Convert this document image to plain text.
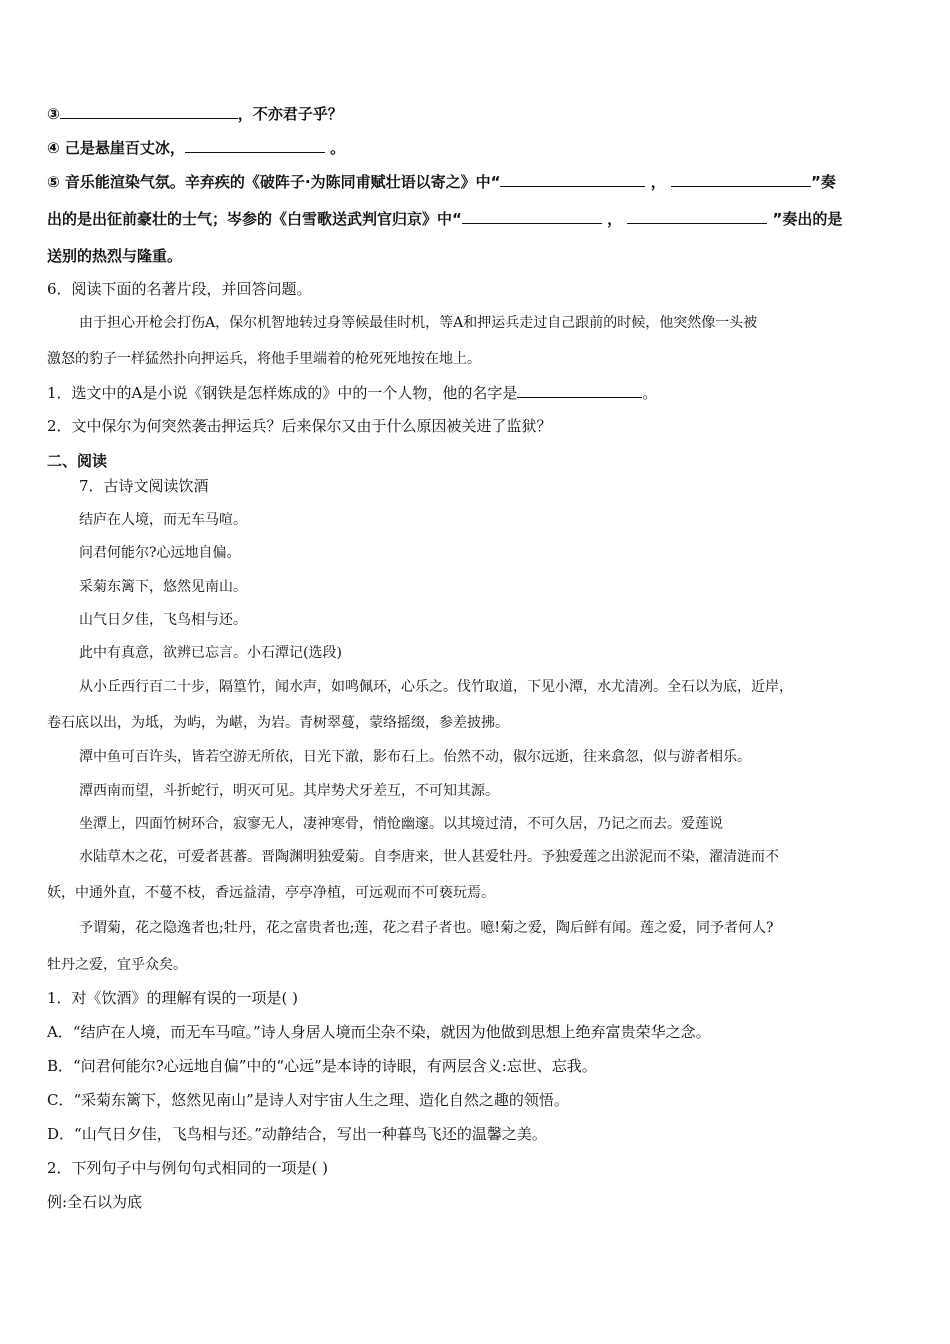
③	，不亦君子乎？
④ 己是悬崖百丈冰，	。
⑤ 音乐能渲染气氛。辛弃疾的《破阵子·为陈同甫赋壮语以寄之》中“	，	”奏
出的是出征前豪壮的士气；岑参的《白雪歌送武判官归京》中“	，	”奏出的是
送别的热烈与隆重。
6．阅读下面的名著片段，并回答问题。
由于担心开枪会打伤A，保尔机智地转过身等候最佳时机，等A和押运兵走过自己跟前的时候，他突然像一头被
激怒的豹子一样猛然扑向押运兵，将他手里端着的枪死死地按在地上。
1．选文中的A是小说《钢铁是怎样炼成的》中的一个人物，他的名字是	。
2．文中保尔为何突然袭击押运兵？后来保尔又由于什么原因被关进了监狱？
二、阅读
7．古诗文阅读饮酒
结庐在人境，而无车马喧。
问君何能尔?心远地自偏。
采菊东篱下，悠然见南山。
山气日夕佳，飞鸟相与还。
此中有真意，欲辨已忘言。小石潭记(选段)
从小丘西行百二十步，隔篁竹，闻水声，如鸣佩环，心乐之。伐竹取道，下见小潭，水尤清冽。全石以为底，近岸，
卷石底以出，为坻，为屿，为嵁，为岩。青树翠蔓，蒙络摇缀，参差披拂。
潭中鱼可百许头，皆若空游无所依，日光下澈，影布石上。佁然不动，俶尔远逝，往来翕忽，似与游者相乐。
潭西南而望，斗折蛇行，明灭可见。其岸势犬牙差互，不可知其源。
坐潭上，四面竹树环合，寂寥无人，凄神寒骨，悄怆幽邃。以其境过清，不可久居，乃记之而去。爱莲说
水陆草木之花，可爱者甚蕃。晋陶渊明独爱菊。自李唐来，世人甚爱牡丹。予独爱莲之出淤泥而不染，濯清涟而不
妖，中通外直，不蔓不枝，香远益清，亭亭净植，可远观而不可亵玩焉。
予谓菊，花之隐逸者也;牡丹，花之富贵者也;莲，花之君子者也。噫!菊之爱，陶后鲜有闻。莲之爱，同予者何人?
牡丹之爱，宜乎众矣。
1．对《饮酒》的理解有误的一项是( )
A．“结庐在人境，而无车马喧。”诗人身居人境而尘杂不染，就因为他做到思想上绝弃富贵荣华之念。
B．“问君何能尔?心远地自偏”中的“心远”是本诗的诗眼，有两层含义:忘世、忘我。
C．“采菊东篱下，悠然见南山”是诗人对宇宙人生之理、造化自然之趣的领悟。
D．“山气日夕佳，飞鸟相与还。”动静结合，写出一种暮鸟飞还的温馨之美。
2．下列句子中与例句句式相同的一项是( )
例:全石以为底
